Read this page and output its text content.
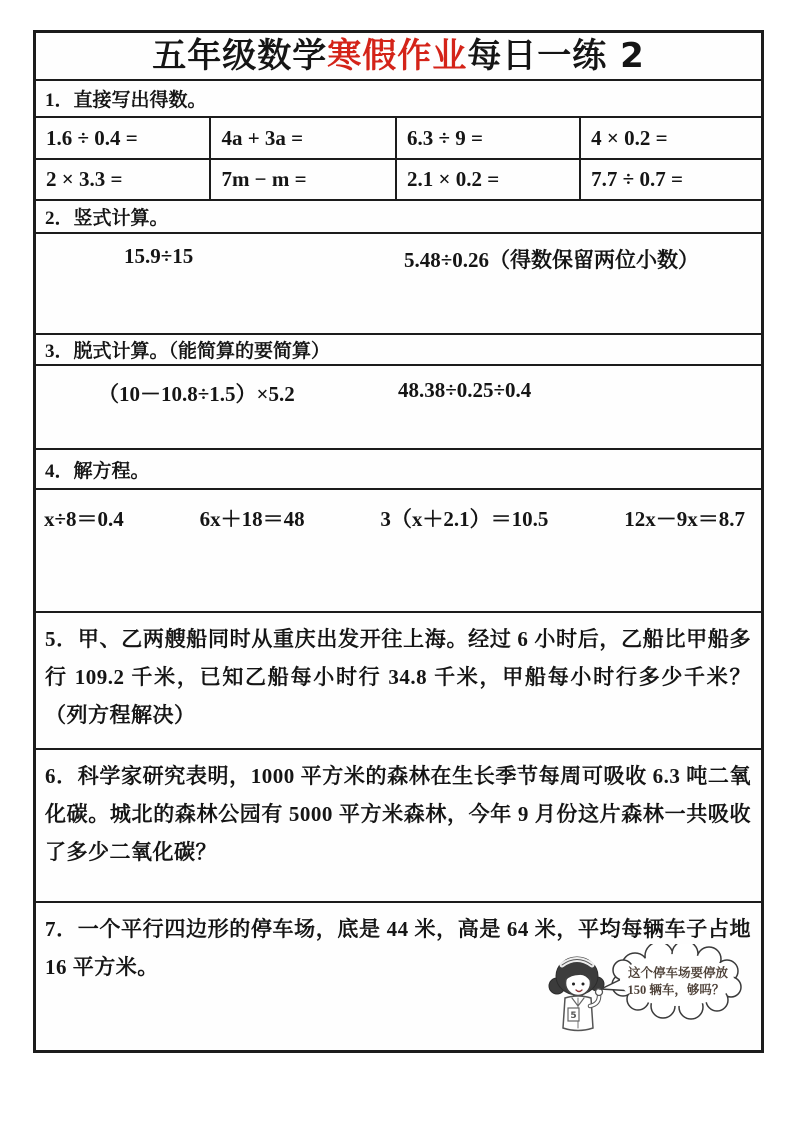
五年级数学寒假作业每日一练 2
1．直接写出得数。
1.6 ÷ 0.4 =	4a + 3a =	6.3 ÷ 9 =	4 × 0.2 =
2 × 3.3 =	7m − m =	2.1 × 0.2 =	7.7 ÷ 0.7 =
2．竖式计算。
15.9÷15	5.48÷0.26（得数保留两位小数）
3．脱式计算。（能简算的要简算）
（10－10.8÷1.5）×5.2	48.38÷0.25÷0.4
4．解方程。
x÷8＝0.4	6x＋18＝48	3（x＋2.1）＝10.5	12x－9x＝8.7

5．甲、乙两艘船同时从重庆出发开往上海。经过 6 小时后，乙船比甲船多行 109.2 千米，已知乙船每小时行 34.8 千米，甲船每小时行多少千米？（列方程解决）

6．科学家研究表明，1000 平方米的森林在生长季节每周可吸收 6.3 吨二氧化碳。城北的森林公园有 5000 平方米森林，今年 9 月份这片森林一共吸收了多少二氧化碳？

7．一个平行四边形的停车场，底是 44 米，高是 64 米，平均每辆车子占地 16 平方米。

5
这个停车场要停放
150 辆车，够吗？
